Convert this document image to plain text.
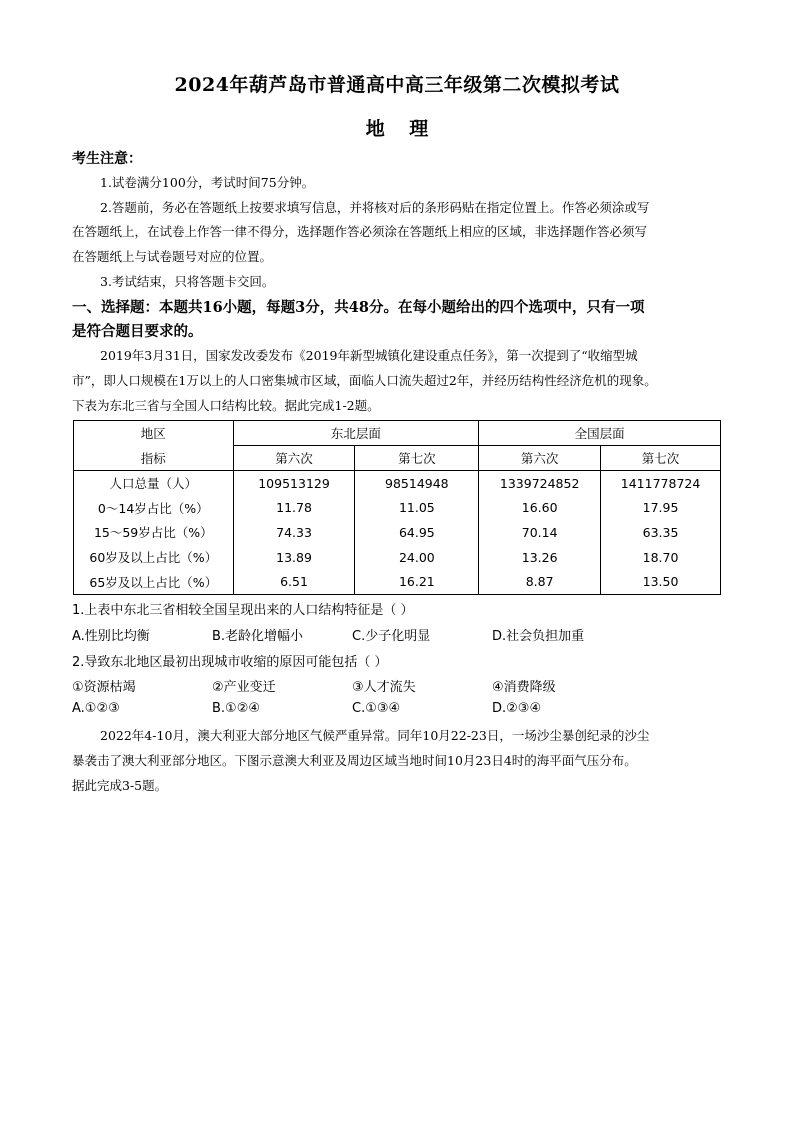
2024年葫芦岛市普通高中高三年级第二次模拟考试
地 理
考生注意：
1.试卷满分100分，考试时间75分钟。
2.答题前，务必在答题纸上按要求填写信息，并将核对后的条形码贴在指定位置上。作答必须涂或写
在答题纸上，在试卷上作答一律不得分，选择题作答必须涂在答题纸上相应的区域，非选择题作答必须写
在答题纸上与试卷题号对应的位置。
3.考试结束，只将答题卡交回。
一、选择题：本题共16小题，每题3分，共48分。在每小题给出的四个选项中，只有一项
是符合题目要求的。
2019年3月31日，国家发改委发布《2019年新型城镇化建设重点任务》，第一次提到了“收缩型城
市”，即人口规模在1万以上的人口密集城市区域，面临人口流失超过2年，并经历结构性经济危机的现象。
下表为东北三省与全国人口结构比较。据此完成1-2题。
地区	东北层面		全国层面	
指标	第六次	第七次	第六次	第七次
人口总量（人）	109513129	98514948	1339724852	1411778724
0～14岁占比（%）	11.78	11.05	16.60	17.95
15～59岁占比（%）	74.33	64.95	70.14	63.35
60岁及以上占比（%）	13.89	24.00	13.26	18.70
65岁及以上占比（%）	6.51	16.21	8.87	13.50
1.上表中东北三省相较全国呈现出来的人口结构特征是（ ）
A.性别比均衡	B.老龄化增幅小	C.少子化明显	D.社会负担加重
2.导致东北地区最初出现城市收缩的原因可能包括（ ）
①资源枯竭	②产业变迁	③人才流失	④消费降级
A.①②③	B.①②④	C.①③④	D.②③④
2022年4-10月，澳大利亚大部分地区气候严重异常。同年10月22-23日，一场沙尘暴创纪录的沙尘
暴袭击了澳大利亚部分地区。下图示意澳大利亚及周边区域当地时间10月23日4时的海平面气压分布。
据此完成3-5题。
